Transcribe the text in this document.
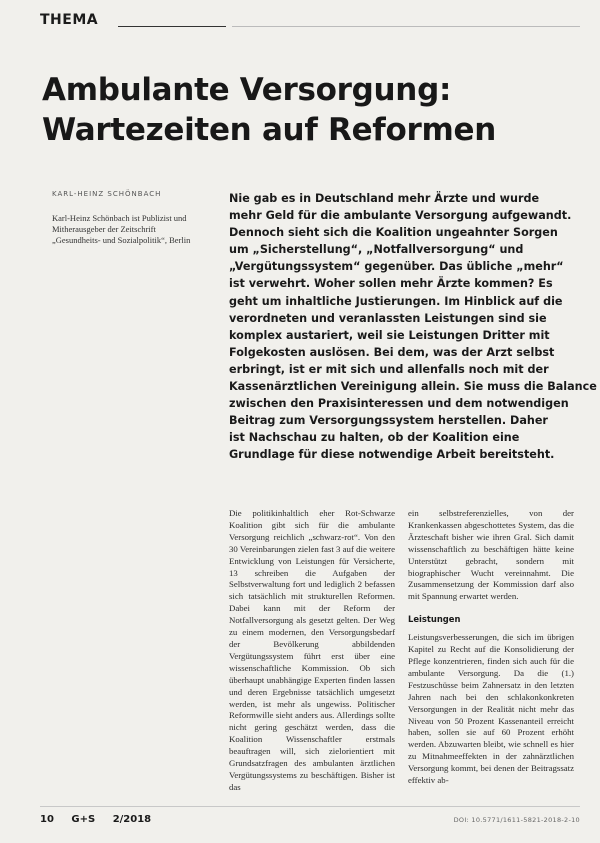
THEMA
Ambulante Versorgung:
Wartezeiten auf Reformen
KARL-HEINZ SCHÖNBACH
Karl-Heinz Schönbach ist Publizist und Mitherausgeber der Zeitschrift „Gesundheits- und Sozialpolitik“, Berlin
Nie gab es in Deutschland mehr Ärzte und wurde
mehr Geld für die ambulante Versorgung aufgewandt.
Dennoch sieht sich die Koalition ungeahnter Sorgen
um „Sicherstellung“, „Notfallversorgung“ und
„Vergütungssystem“ gegenüber. Das übliche „mehr“
ist verwehrt. Woher sollen mehr Ärzte kommen? Es
geht um inhaltliche Justierungen. Im Hinblick auf die
verordneten und veranlassten Leistungen sind sie
komplex austariert, weil sie Leistungen Dritter mit
Folgekosten auslösen. Bei dem, was der Arzt selbst
erbringt, ist er mit sich und allenfalls noch mit der
Kassenärztlichen Vereinigung allein. Sie muss die Balance
zwischen den Praxisinteressen und dem notwendigen
Beitrag zum Versorgungssystem herstellen. Daher
ist Nachschau zu halten, ob der Koalition eine
Grundlage für diese notwendige Arbeit bereitsteht.
Die politikinhaltlich eher Rot-Schwarze Koalition gibt sich für die ambulante Versorgung reichlich „schwarz-rot“. Von den 30 Vereinbarungen zielen fast 3 auf die weitere Entwicklung von Leistungen für Versicherte, 13 schreiben die Aufgaben der Selbstverwaltung fort und lediglich 2 befassen sich tatsächlich mit strukturellen Reformen. Dabei kann mit der Reform der Notfallversorgung als gesetzt gelten. Der Weg zu einem modernen, den Versorgungsbedarf der Bevölkerung abbildenden Vergütungssystem führt erst über eine wissenschaftliche Kommission. Ob sich überhaupt unabhängige Experten finden lassen und deren Ergebnisse tatsächlich umgesetzt werden, ist mehr als ungewiss. Politischer Reformwille sieht anders aus. Allerdings sollte nicht gering geschätzt werden, dass die Koalition Wissenschaftler erstmals beauftragen will, sich zielorientiert mit Grundsatzfragen des ambulanten ärztlichen Vergütungssystems zu beschäftigen. Bisher ist das

ein selbstreferenzielles, von der Krankenkassen abgeschottetes System, das die Ärzteschaft bisher wie ihren Gral. Sich damit wissenschaftlich zu beschäftigen hätte keine Unterstützt gebracht, sondern mit biographischer Wucht vereinnahmt. Die Zusammensetzung der Kommission darf also mit Spannung erwartet werden.

Leistungen

Leistungsverbesserungen, die sich im übrigen Kapitel zu Recht auf die Konsolidierung der Pflege konzentrieren, finden sich auch für die ambulante Versorgung. Da die (1.) Festzuschüsse beim Zahnersatz in den letzten Jahren nach bei den schlakonkonkreten Versorgungen in der Realität nicht mehr das Niveau von 50 Prozent Kassenanteil erreicht haben, sollen sie auf 60 Prozent erhöht werden. Abzuwarten bleibt, wie schnell es hier zu Mitnahmeeffekten in der zahnärztlichen Versorgung kommt, bei denen der Beitragssatz effektiv ab-

10 G+S 2/2018	DOI: 10.5771/1611-5821-2018-2-10
